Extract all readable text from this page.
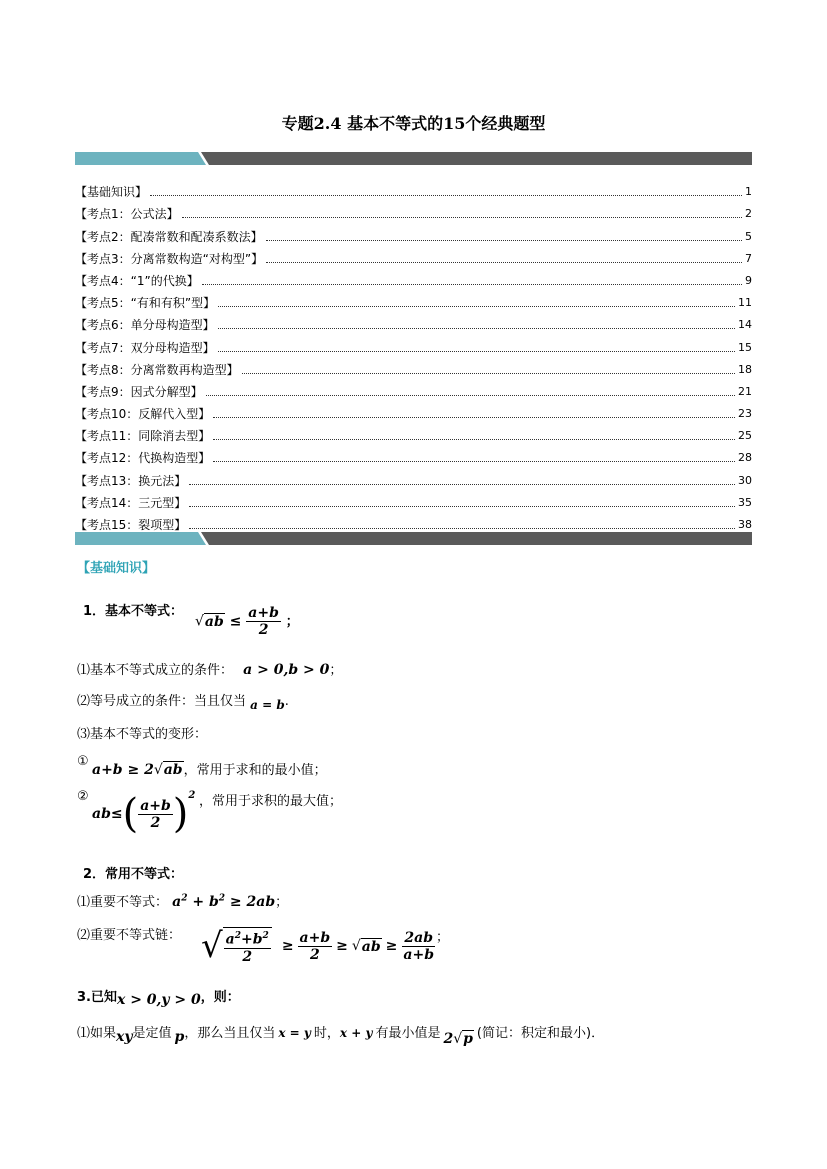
专题2.4 基本不等式的15个经典题型
【基础知识】	1
【考点1：公式法】	2
【考点2：配凑常数和配凑系数法】	5
【考点3：分离常数构造“对构型”】	7
【考点4：“1”的代换】	9
【考点5：“有和有积”型】	11
【考点6：单分母构造型】	14
【考点7：双分母构造型】	15
【考点8：分离常数再构造型】	18
【考点9：因式分解型】	21
【考点10：反解代入型】	23
【考点11：同除消去型】	25
【考点12：代换构造型】	28
【考点13：换元法】	30
【考点14：三元型】	35
【考点15：裂项型】	38
【基础知识】
1．基本不等式：
$√ab \le \frac{a+b}{2}$ ；
⑴基本不等式成立的条件： a > 0,b > 0；
⑵等号成立的条件：当且仅当 a = b.
⑶基本不等式的变形：
①
a+b ≥ 2√ab，常用于求和的最小值；
②
$ab\le( \frac{a+b}{2} )^2$ ，常用于求积的最大值；
2．常用不等式：
⑴重要不等式： $a^2 + b^2 \ge 2ab$；
⑵重要不等式链： √ $\frac{a^2+b^2}{2} \ge \frac{a+b}{2}$ ≥ √ ab ≥ $\frac{2ab}{a+b}$ ；
3.已知x > 0,y > 0，则：
⑴如果xy是定值 p，那么当且仅当 x = y 时，x + y 有最小值是 2√p (简记：积定和最小)．
